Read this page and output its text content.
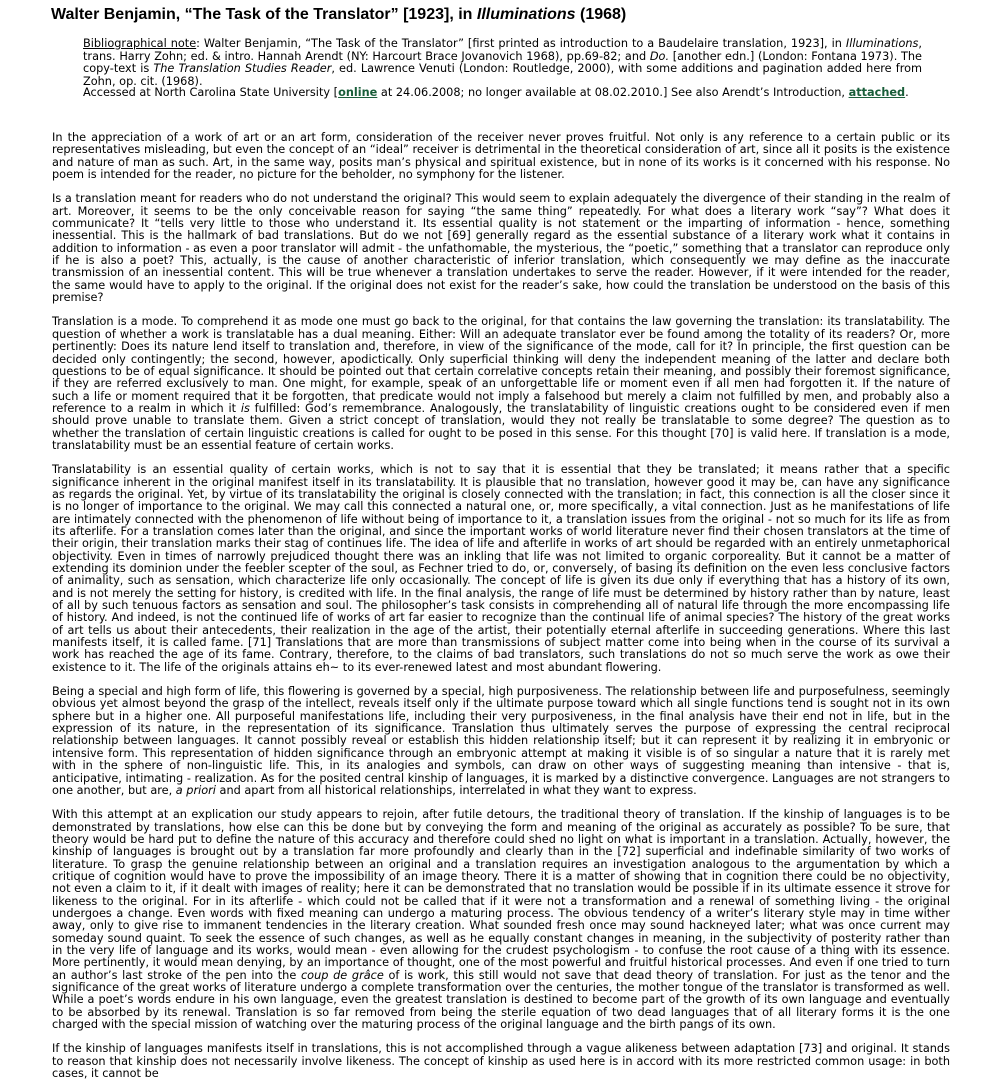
Walter Benjamin, “The Task of the Translator” [1923], in Illuminations (1968)
Bibliographical note: Walter Benjamin, “The Task of the Translator” [first printed as introduction to a Baudelaire translation, 1923], in Illuminations, trans. Harry Zohn; ed. & intro. Hannah Arendt (NY: Harcourt Brace Jovanovich 1968), pp.69-82; and Do. [another edn.] (London: Fontana 1973). The copy-text is The Translation Studies Reader, ed. Lawrence Venuti (London: Routledge, 2000), with some additions and pagination added here from Zohn, op. cit. (1968).
Accessed at North Carolina State University [online at 24.06.2008; no longer available at 08.02.2010.] See also Arendt’s Introduction, attached.

In the appreciation of a work of art or an art form, consideration of the receiver never proves fruitful. Not only is any reference to a certain public or its representatives misleading, but even the concept of an “ideal” receiver is detrimental in the theoretical consideration of art, since all it posits is the existence and nature of man as such. Art, in the same way, posits man’s physical and spiritual existence, but in none of its works is it concerned with his response. No poem is intended for the reader, no picture for the beholder, no symphony for the listener.

Is a translation meant for readers who do not understand the original? This would seem to explain adequately the divergence of their standing in the realm of art. Moreover, it seems to be the only conceivable reason for saying “the same thing” repeatedly. For what does a literary work “say”? What does it communicate? It “tells very little to those who understand it. Its essential quality is not statement or the imparting of information - hence, something inessential. This is the hallmark of bad translations. But do we not [69] generally regard as the essential substance of a literary work what it contains in addition to information - as even a poor translator will admit - the unfathomable, the mysterious, the “poetic,” something that a translator can reproduce only if he is also a poet? This, actually, is the cause of another characteristic of inferior translation, which consequently we may define as the inaccurate transmission of an inessential content. This will be true whenever a translation undertakes to serve the reader. However, if it were intended for the reader, the same would have to apply to the original. If the original does not exist for the reader’s sake, how could the translation be understood on the basis of this premise?

Translation is a mode. To comprehend it as mode one must go back to the original, for that contains the law governing the translation: its translatability. The question of whether a work is translatable has a dual meaning. Either: Will an adequate translator ever be found among the totality of its readers? Or, more pertinently: Does its nature lend itself to translation and, therefore, in view of the significance of the mode, call for it? In principle, the first question can be decided only contingently; the second, however, apodictically. Only superficial thinking will deny the independent meaning of the latter and declare both questions to be of equal significance. It should be pointed out that certain correlative concepts retain their meaning, and possibly their foremost significance, if they are referred exclusively to man. One might, for example, speak of an unforgettable life or moment even if all men had forgotten it. If the nature of such a life or moment required that it be forgotten, that predicate would not imply a falsehood but merely a claim not fulfilled by men, and probably also a reference to a realm in which it is fulfilled: God’s remembrance. Analogously, the translatability of linguistic creations ought to be considered even if men should prove unable to translate them. Given a strict concept of translation, would they not really be translatable to some degree? The question as to whether the translation of certain linguistic creations is called for ought to be posed in this sense. For this thought [70] is valid here. If translation is a mode, translatability must be an essential feature of certain works.

Translatability is an essential quality of certain works, which is not to say that it is essential that they be translated; it means rather that a specific significance inherent in the original manifest itself in its translatability. It is plausible that no translation, however good it may be, can have any significance as regards the original. Yet, by virtue of its translatability the original is closely connected with the translation; in fact, this connection is all the closer since it is no longer of importance to the original. We may call this connected a natural one, or, more specifically, a vital connection. Just as he manifestations of life are intimately connected with the phenomenon of life without being of importance to it, a translation issues from the original - not so much for its life as from its afterlife. For a translation comes later than the original, and since the important works of world literature never find their chosen translators at the time of their origin, their translation marks their stag of continues life. The idea of life and afterlife in works of art should be regarded with an entirely unmetaphorical objectivity. Even in times of narrowly prejudiced thought there was an inkling that life was not limited to organic corporeality. But it cannot be a matter of extending its dominion under the feebler scepter of the soul, as Fechner tried to do, or, conversely, of basing its definition on the even less conclusive factors of animality, such as sensation, which characterize life only occasionally. The concept of life is given its due only if everything that has a history of its own, and is not merely the setting for history, is credited with life. In the final analysis, the range of life must be determined by history rather than by nature, least of all by such tenuous factors as sensation and soul. The philosopher’s task consists in comprehending all of natural life through the more encompassing life of history. And indeed, is not the continued life of works of art far easier to recognize than the continual life of animal species? The history of the great works of art tells us about their antecedents, their realization in the age of the artist, their potentially eternal afterlife in succeeding generations. Where this last manifests itself, it is called fame. [71] Translations that are more than transmissions of subject matter come into being when in the course of its survival a work has reached the age of its fame. Contrary, therefore, to the claims of bad translators, such translations do not so much serve the work as owe their existence to it. The life of the originals attains eh~ to its ever-renewed latest and most abundant flowering.

Being a special and high form of life, this flowering is governed by a special, high purposiveness. The relationship between life and purposefulness, seemingly obvious yet almost beyond the grasp of the intellect, reveals itself only if the ultimate purpose toward which all single functions tend is sought not in its own sphere but in a higher one. All purposeful manifestations life, including their very purposiveness, in the final analysis have their end not in life, but in the expression of its nature, in the representation of its significance. Translation thus ultimately serves the purpose of expressing the central reciprocal relationship between languages. It cannot possibly reveal or establish this hidden relationship itself; but it can represent it by realizing it in embryonic or intensive form. This representation of hidden significance through an embryonic attempt at making it visible is of so singular a nature that it is rarely met with in the sphere of non-linguistic life. This, in its analogies and symbols, can draw on other ways of suggesting meaning than intensive - that is, anticipative, intimating - realization. As for the posited central kinship of languages, it is marked by a distinctive convergence. Languages are not strangers to one another, but are, a priori and apart from all historical relationships, interrelated in what they want to express.

With this attempt at an explication our study appears to rejoin, after futile detours, the traditional theory of translation. If the kinship of languages is to be demonstrated by translations, how else can this be done but by conveying the form and meaning of the original as accurately as possible? To be sure, that theory would be hard put to define the nature of this accuracy and therefore could shed no light on what is important in a translation. Actually, however, the kinship of languages is brought out by a translation far more profoundly and clearly than in the [72] superficial and indefinable similarity of two works of literature. To grasp the genuine relationship between an original and a translation requires an investigation analogous to the argumentation by which a critique of cognition would have to prove the impossibility of an image theory. There it is a matter of showing that in cognition there could be no objectivity, not even a claim to it, if it dealt with images of reality; here it can be demonstrated that no translation would be possible if in its ultimate essence it strove for likeness to the original. For in its afterlife - which could not be called that if it were not a transformation and a renewal of something living - the original undergoes a change. Even words with fixed meaning can undergo a maturing process. The obvious tendency of a writer’s literary style may in time wither away, only to give rise to immanent tendencies in the literary creation. What sounded fresh once may sound hackneyed later; what was once current may someday sound quaint. To seek the essence of such changes, as well as he equally constant changes in meaning, in the subjectivity of posterity rather than in the very life of language and its works, would mean - even allowing for the crudest psychologism - to confuse the root cause of a thing with its essence. More pertinently, it would mean denying, by an importance of thought, one of the most powerful and fruitful historical processes. And even if one tried to turn an author’s last stroke of the pen into the coup de grâce of is work, this still would not save that dead theory of translation. For just as the tenor and the significance of the great works of literature undergo a complete transformation over the centuries, the mother tongue of the translator is transformed as well. While a poet’s words endure in his own language, even the greatest translation is destined to become part of the growth of its own language and eventually to be absorbed by its renewal. Translation is so far removed from being the sterile equation of two dead languages that of all literary forms it is the one charged with the special mission of watching over the maturing process of the original language and the birth pangs of its own.

If the kinship of languages manifests itself in translations, this is not accomplished through a vague alikeness between adaptation [73] and original. It stands to reason that kinship does not necessarily involve likeness. The concept of kinship as used here is in accord with its more restricted common usage: in both cases, it cannot be
